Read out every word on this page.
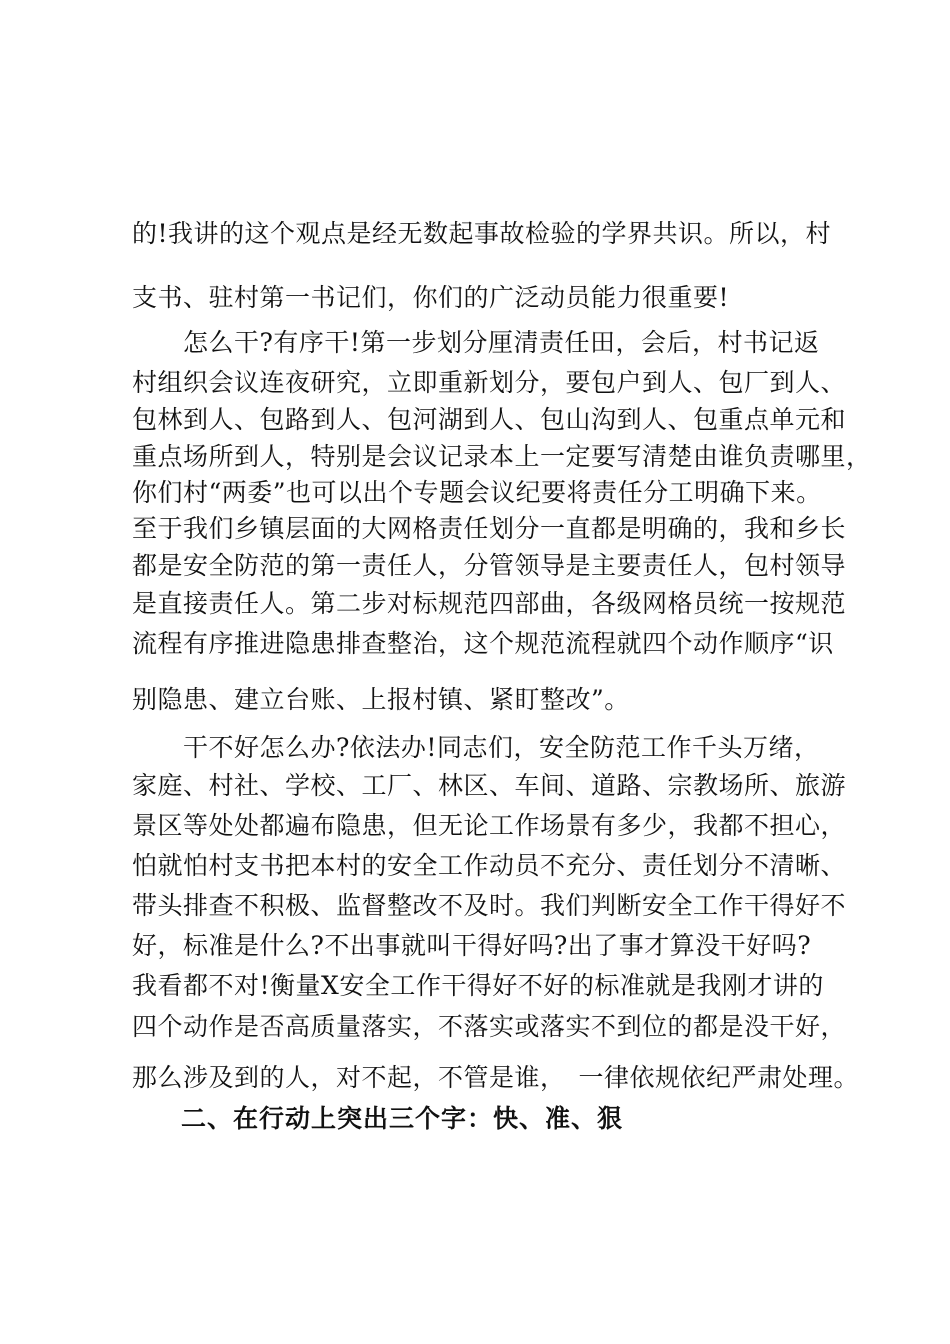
的!我讲的这个观点是经无数起事故检验的学界共识。所以，村
支书、驻村第一书记们，你们的广泛动员能力很重要!
怎么干?有序干!第一步划分厘清责任田，会后，村书记返
村组织会议连夜研究，立即重新划分，要包户到人、包厂到人、
包林到人、包路到人、包河湖到人、包山沟到人、包重点单元和
重点场所到人，特别是会议记录本上一定要写清楚由谁负责哪里，
你们村“两委”也可以出个专题会议纪要将责任分工明确下来。
至于我们乡镇层面的大网格责任划分一直都是明确的，我和乡长
都是安全防范的第一责任人，分管领导是主要责任人，包村领导
是直接责任人。第二步对标规范四部曲，各级网格员统一按规范
流程有序推进隐患排查整治，这个规范流程就四个动作顺序“识
别隐患、建立台账、上报村镇、紧盯整改”。
干不好怎么办?依法办!同志们，安全防范工作千头万绪，
家庭、村社、学校、工厂、林区、车间、道路、宗教场所、旅游
景区等处处都遍布隐患，但无论工作场景有多少，我都不担心，
怕就怕村支书把本村的安全工作动员不充分、责任划分不清晰、
带头排查不积极、监督整改不及时。我们判断安全工作干得好不
好，标准是什么?不出事就叫干得好吗?出了事才算没干好吗?
我看都不对!衡量X安全工作干得好不好的标准就是我刚才讲的
四个动作是否高质量落实，不落实或落实不到位的都是没干好，
那么涉及到的人，对不起，不管是谁，　一律依规依纪严肃处理。
二、在行动上突出三个字：快、准、狠
